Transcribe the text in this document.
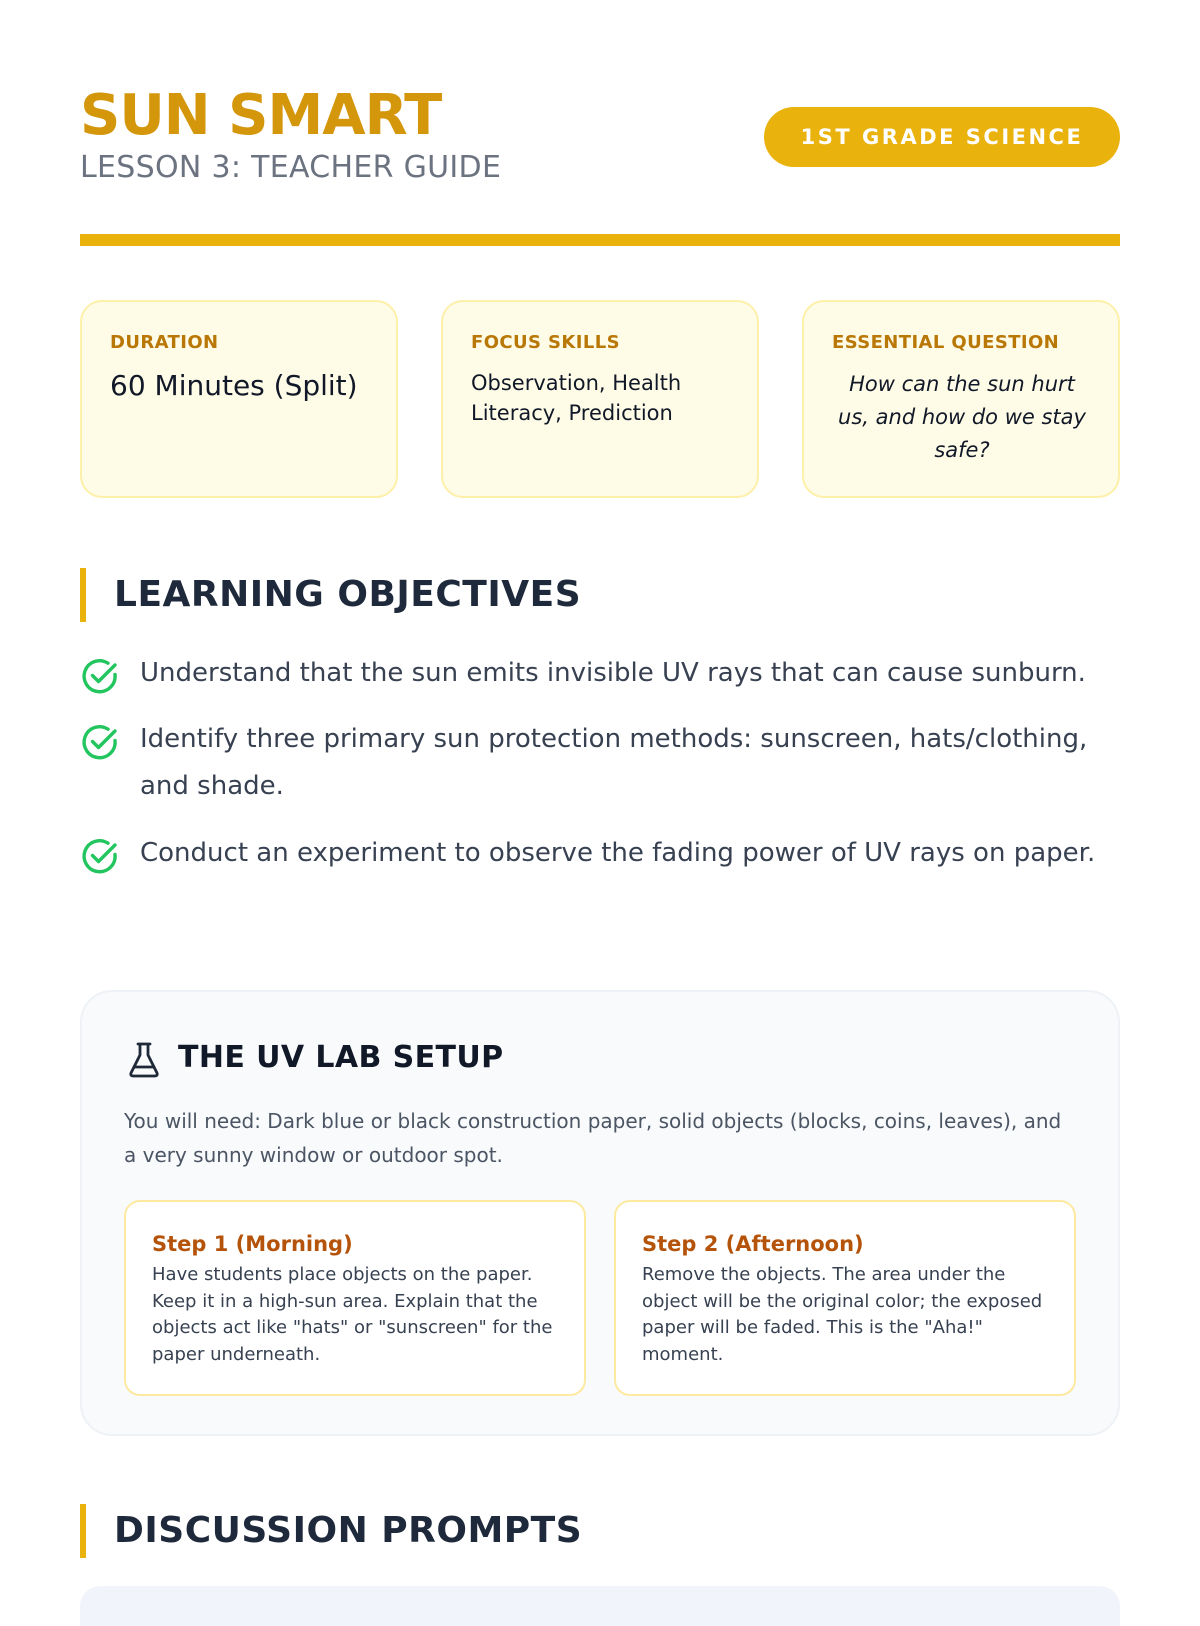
SUN SMART
LESSON 3: TEACHER GUIDE
1ST GRADE SCIENCE
DURATION
60 Minutes (Split)
FOCUS SKILLS
Observation, Health Literacy, Prediction
ESSENTIAL QUESTION
How can the sun hurt us, and how do we stay safe?
LEARNING OBJECTIVES
Understand that the sun emits invisible UV rays that can cause sunburn.
Identify three primary sun protection methods: sunscreen, hats/clothing, and shade.
Conduct an experiment to observe the fading power of UV rays on paper.
THE UV LAB SETUP
You will need: Dark blue or black construction paper, solid objects (blocks, coins, leaves), and a very sunny window or outdoor spot.
Step 1 (Morning)
Have students place objects on the paper. Keep it in a high-sun area. Explain that the objects act like "hats" or "sunscreen" for the paper underneath.
Step 2 (Afternoon)
Remove the objects. The area under the object will be the original color; the exposed paper will be faded. This is the "Aha!" moment.
DISCUSSION PROMPTS
